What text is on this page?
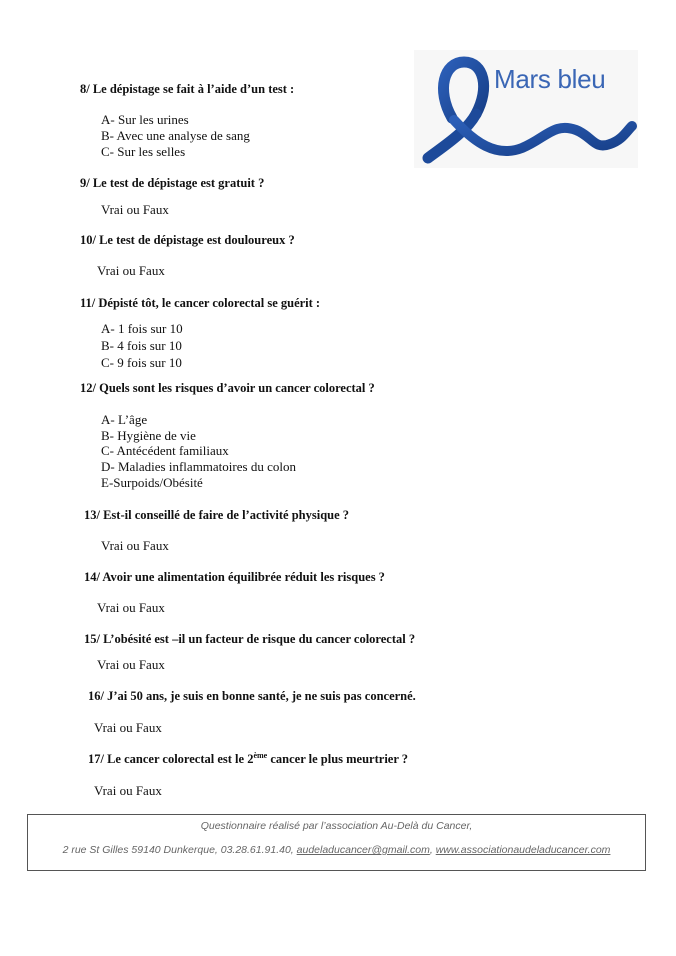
Mars bleu
8/ Le dépistage se fait à l’aide d’un test :
A- Sur les urines
B- Avec une analyse de sang
C- Sur les selles
9/ Le test de dépistage est gratuit ?
Vrai ou Faux
10/ Le test de dépistage est douloureux ?
Vrai ou Faux
11/ Dépisté tôt, le cancer colorectal se guérit :
A- 1 fois sur 10
B- 4 fois sur 10
C- 9 fois sur 10
12/ Quels sont les risques d’avoir un cancer colorectal ?
A- L’âge
B- Hygiène de vie
C- Antécédent familiaux
D- Maladies inflammatoires du colon
E-Surpoids/Obésité
13/ Est-il conseillé de faire de l’activité physique ?
Vrai ou Faux
14/ Avoir une alimentation équilibrée réduit les risques ?
Vrai ou Faux
15/ L’obésité est –il un facteur de risque du cancer colorectal ?
Vrai ou Faux
16/ J’ai 50 ans, je suis en bonne santé, je ne suis pas concerné.
Vrai ou Faux
17/ Le cancer colorectal est le 2ème cancer le plus meurtrier ?
Vrai ou Faux
Questionnaire réalisé par l’association Au-Delà du Cancer,
2 rue St Gilles 59140 Dunkerque, 03.28.61.91.40, audeladucancer@gmail.com, www.associationaudeladucancer.com
